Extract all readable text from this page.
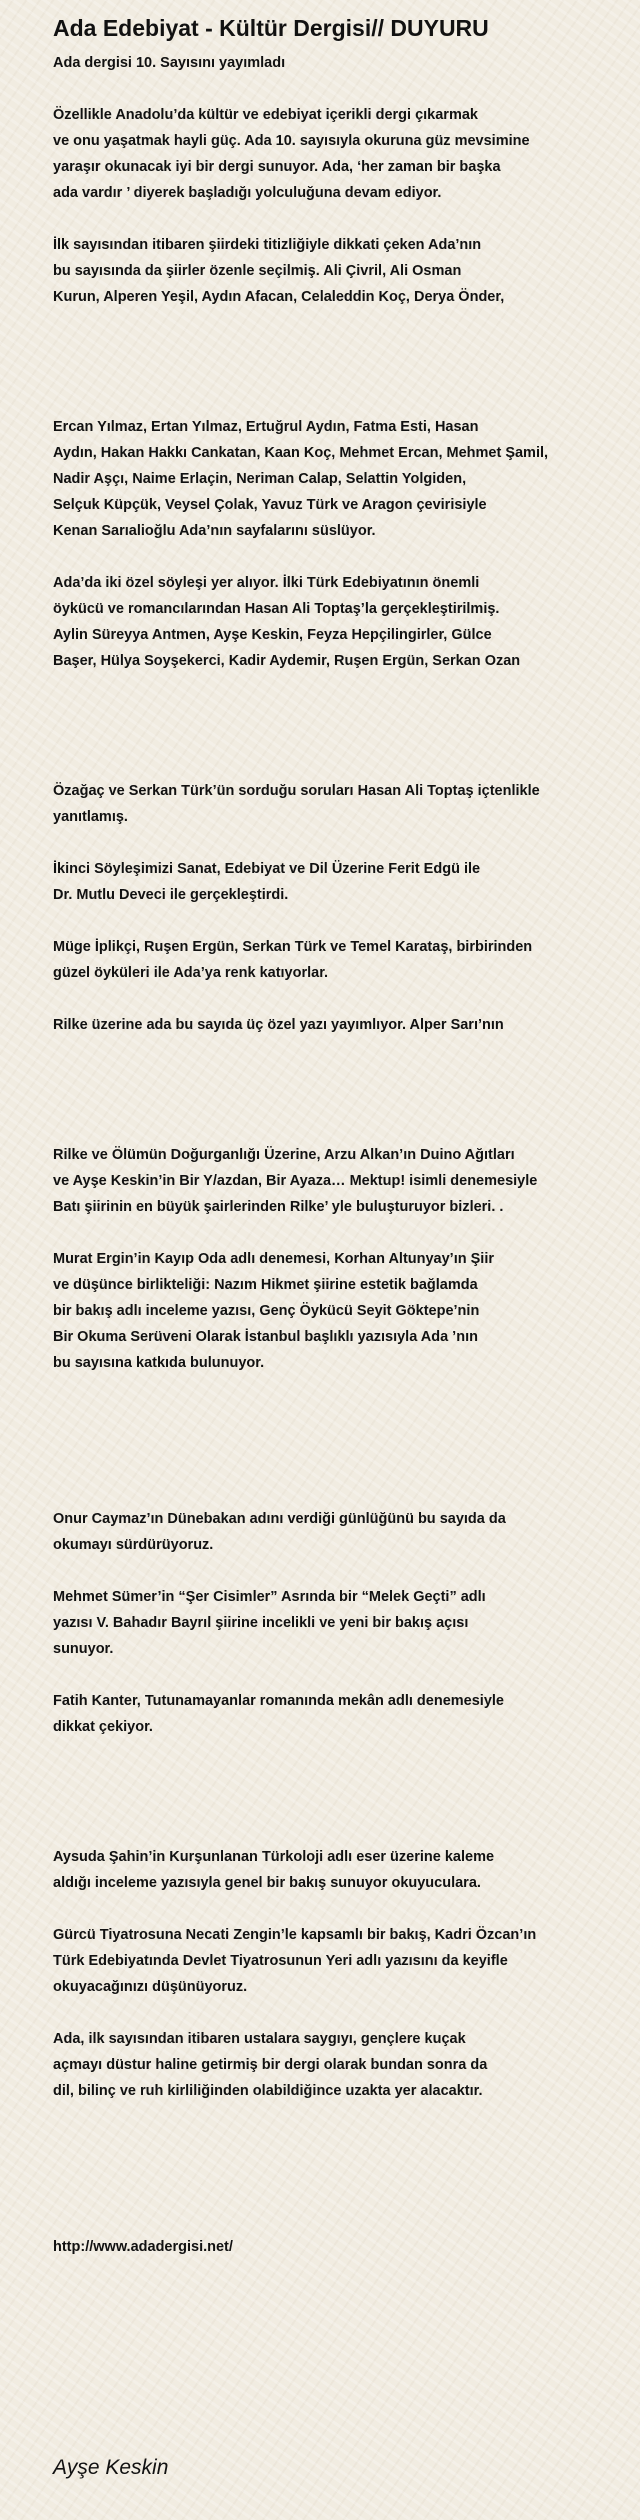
Ada Edebiyat - Kültür Dergisi// DUYURU

Ada dergisi 10. Sayısını yayımladı

Özellikle Anadolu’da kültür ve edebiyat içerikli dergi çıkarmak
ve onu yaşatmak hayli güç. Ada 10. sayısıyla okuruna güz mevsimine
yaraşır okunacak iyi bir dergi sunuyor. Ada, ‘her zaman bir başka
ada vardır ’ diyerek başladığı yolculuğuna devam ediyor.

İlk sayısından itibaren şiirdeki titizliğiyle dikkati çeken Ada’nın
bu sayısında da şiirler özenle seçilmiş. Ali Çivril, Ali Osman
Kurun, Alperen Yeşil, Aydın Afacan, Celaleddin Koç, Derya Önder,

Ercan Yılmaz, Ertan Yılmaz, Ertuğrul Aydın, Fatma Esti, Hasan
Aydın, Hakan Hakkı Cankatan, Kaan Koç, Mehmet Ercan, Mehmet Şamil,
Nadir Aşçı, Naime Erlaçin, Neriman Calap, Selattin Yolgiden,
Selçuk Küpçük, Veysel Çolak, Yavuz Türk ve Aragon çevirisiyle
Kenan Sarıalioğlu Ada’nın sayfalarını süslüyor.

Ada’da iki özel söyleşi yer alıyor. İlki Türk Edebiyatının önemli
öykücü ve romancılarından Hasan Ali Toptaş’la gerçekleştirilmiş.
Aylin Süreyya Antmen, Ayşe Keskin, Feyza Hepçilingirler, Gülce
Başer, Hülya Soyşekerci, Kadir Aydemir, Ruşen Ergün, Serkan Ozan

Özağaç ve Serkan Türk’ün sorduğu soruları Hasan Ali Toptaş içtenlikle
yanıtlamış.

İkinci Söyleşimizi Sanat, Edebiyat ve Dil Üzerine Ferit Edgü ile
Dr. Mutlu Deveci ile gerçekleştirdi.

Müge İplikçi, Ruşen Ergün, Serkan Türk ve Temel Karataş, birbirinden
güzel öyküleri ile Ada’ya renk katıyorlar.

Rilke üzerine ada bu sayıda üç özel yazı yayımlıyor. Alper Sarı’nın

Rilke ve Ölümün Doğurganlığı Üzerine, Arzu Alkan’ın Duino Ağıtları
ve Ayşe Keskin’in Bir Y/azdan, Bir Ayaza… Mektup! isimli denemesiyle
Batı şiirinin en büyük şairlerinden Rilke’ yle buluşturuyor bizleri. .

Murat Ergin’in Kayıp Oda adlı denemesi, Korhan Altunyay’ın Şiir
ve düşünce birlikteliği: Nazım Hikmet şiirine estetik bağlamda
bir bakış adlı inceleme yazısı, Genç Öykücü Seyit Göktepe’nin
Bir Okuma Serüveni Olarak İstanbul başlıklı yazısıyla Ada ’nın
bu sayısına katkıda bulunuyor.

Onur Caymaz’ın Dünebakan adını verdiği günlüğünü bu sayıda da
okumayı sürdürüyoruz.

Mehmet Sümer’in “Şer Cisimler” Asrında bir “Melek Geçti” adlı
yazısı V. Bahadır Bayrıl şiirine incelikli ve yeni bir bakış açısı
sunuyor.

Fatih Kanter, Tutunamayanlar romanında mekân adlı denemesiyle
dikkat çekiyor.

Aysuda Şahin’in Kurşunlanan Türkoloji adlı eser üzerine kaleme
aldığı inceleme yazısıyla genel bir bakış sunuyor okuyuculara.

Gürcü Tiyatrosuna Necati Zengin’le kapsamlı bir bakış, Kadri Özcan’ın
Türk Edebiyatında Devlet Tiyatrosunun Yeri adlı yazısını da keyifle
okuyacağınızı düşünüyoruz.

Ada, ilk sayısından itibaren ustalara saygıyı, gençlere kuçak
açmayı düstur haline getirmiş bir dergi olarak bundan sonra da
dil, bilinç ve ruh kirliliğinden olabildiğince uzakta yer alacaktır.

http://www.adadergisi.net/

Ayşe Keskin
